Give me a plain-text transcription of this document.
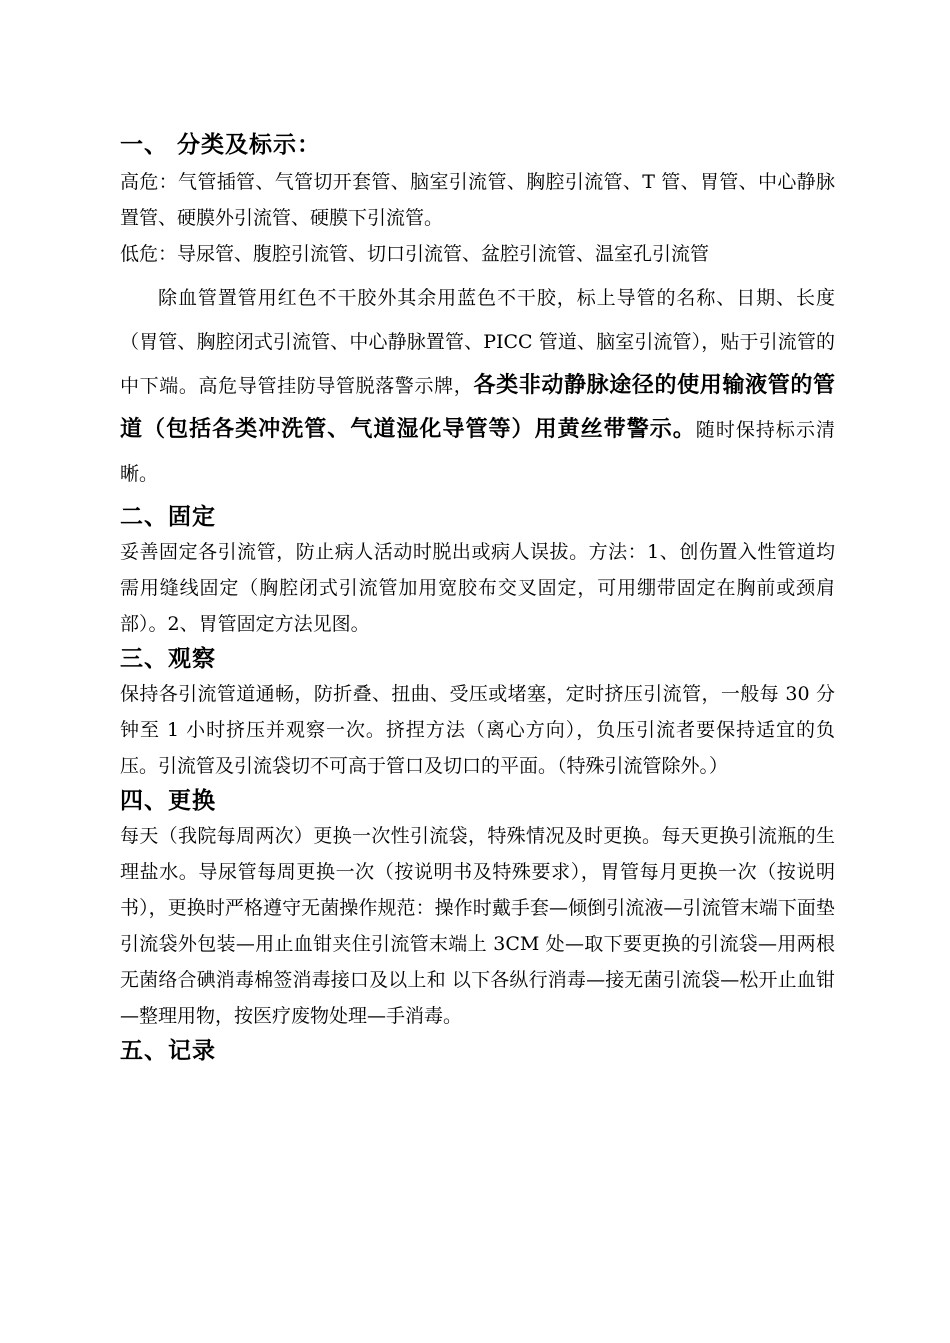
一、 分类及标示：

高危：气管插管、气管切开套管、脑室引流管、胸腔引流管、T 管、胃管、中心静脉置管、硬膜外引流管、硬膜下引流管。

低危：导尿管、腹腔引流管、切口引流管、盆腔引流管、温室孔引流管

除血管置管用红色不干胶外其余用蓝色不干胶，标上导管的名称、日期、长度（胃管、胸腔闭式引流管、中心静脉置管、PICC 管道、脑室引流管），贴于引流管的中下端。高危导管挂防导管脱落警示牌，各类非动静脉途径的使用输液管的管道（包括各类冲洗管、气道湿化导管等）用黄丝带警示。随时保持标示清晰。

二、固定

妥善固定各引流管，防止病人活动时脱出或病人误拔。方法：1、创伤置入性管道均需用缝线固定（胸腔闭式引流管加用宽胶布交叉固定，可用绷带固定在胸前或颈肩部）。2、胃管固定方法见图。

三、观察

保持各引流管道通畅，防折叠、扭曲、受压或堵塞，定时挤压引流管，一般每 30 分钟至 1 小时挤压并观察一次。挤捏方法（离心方向），负压引流者要保持适宜的负压。引流管及引流袋切不可高于管口及切口的平面。（特殊引流管除外。）

四、更换

每天（我院每周两次）更换一次性引流袋，特殊情况及时更换。每天更换引流瓶的生理盐水。导尿管每周更换一次（按说明书及特殊要求），胃管每月更换一次（按说明书），更换时严格遵守无菌操作规范：操作时戴手套—倾倒引流液—引流管末端下面垫引流袋外包装—用止血钳夹住引流管末端上 3CM 处—取下要更换的引流袋—用两根无菌络合碘消毒棉签消毒接口及以上和 以下各纵行消毒—接无菌引流袋—松开止血钳—整理用物，按医疗废物处理—手消毒。

五、记录
